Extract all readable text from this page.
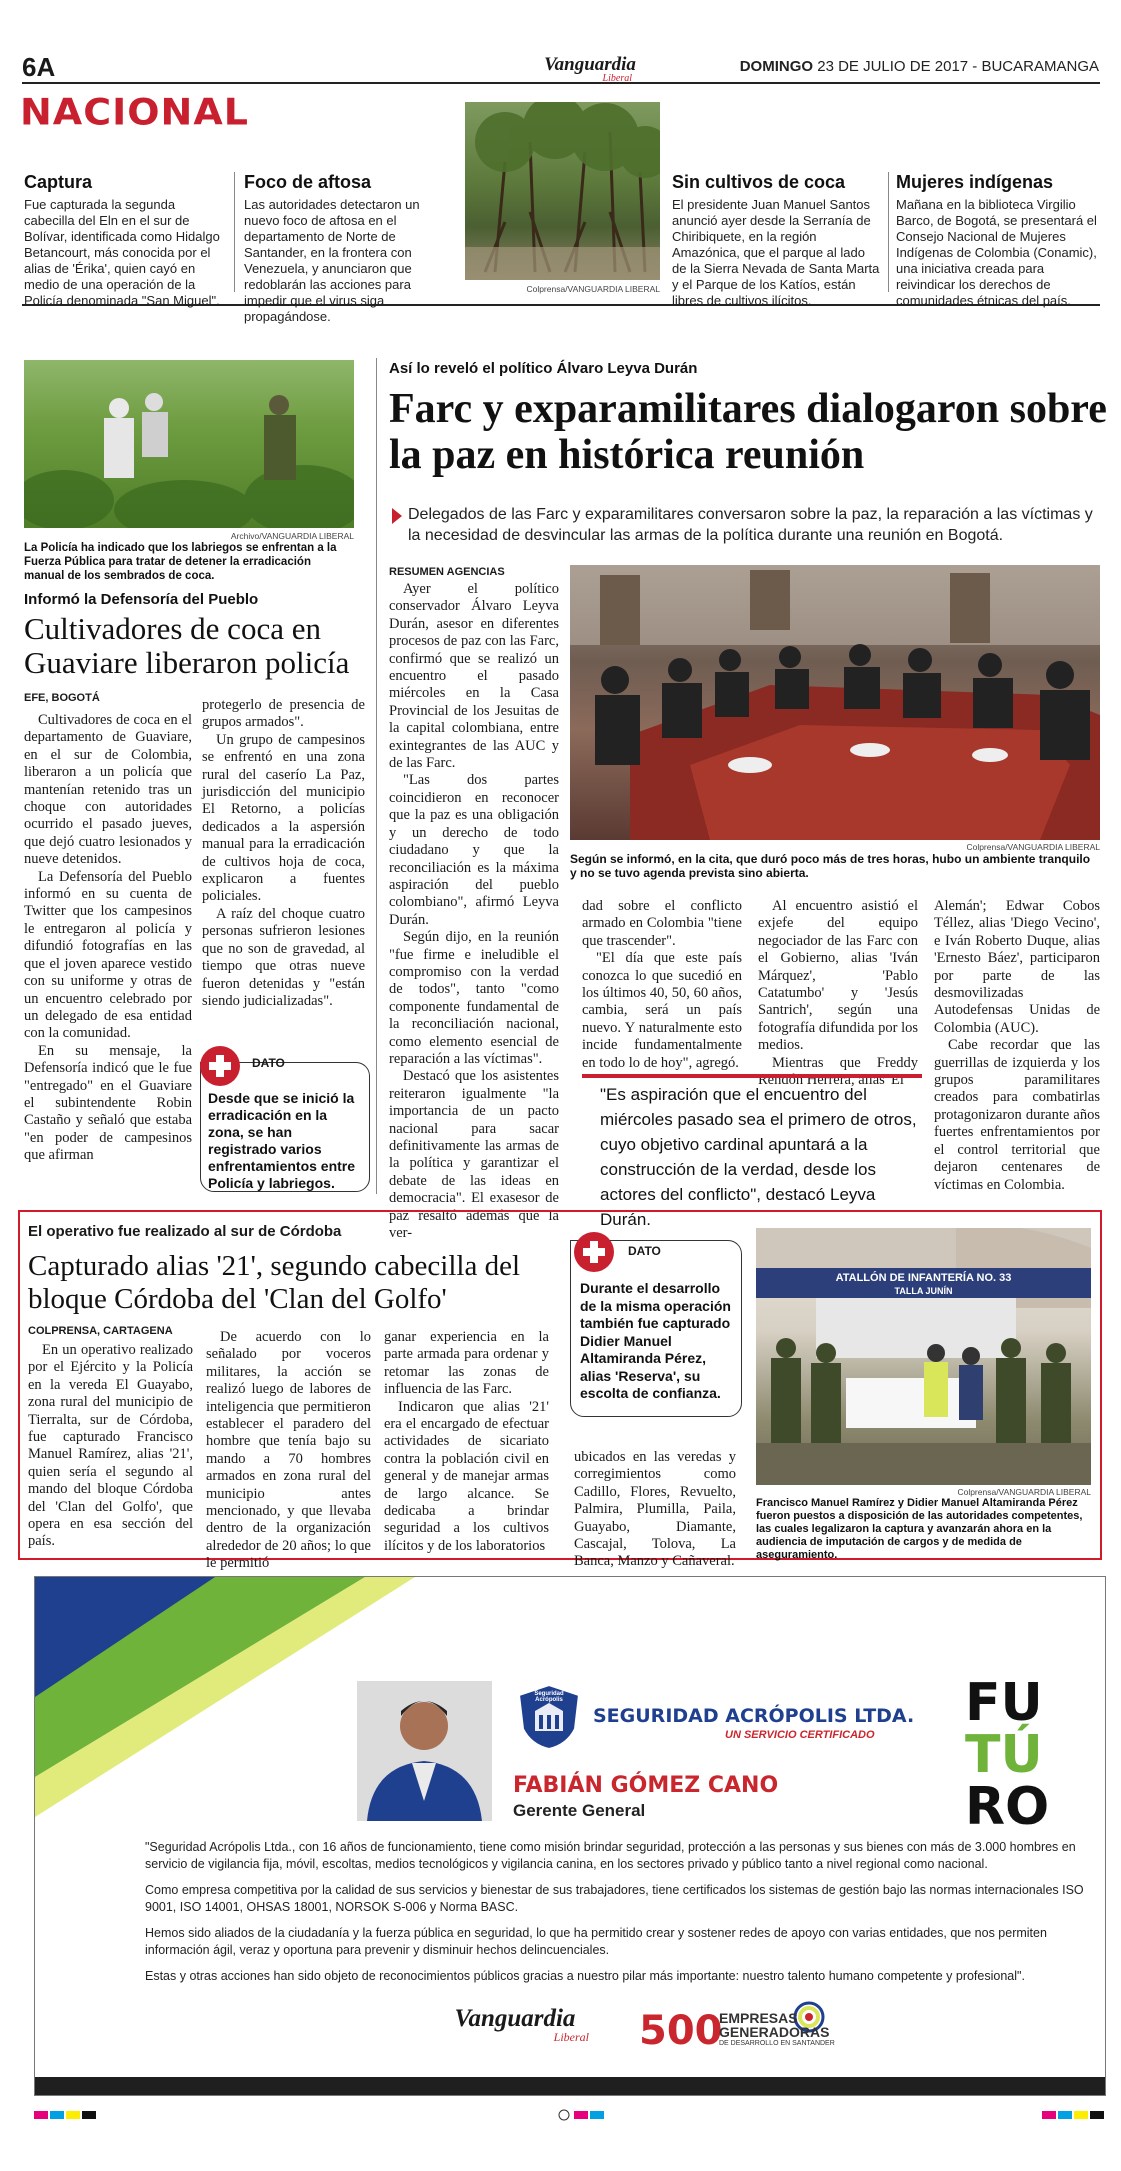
6A	Vanguardia
Liberal
DOMINGO 23 DE JULIO DE 2017 - BUCARAMANGA
NACIONAL
Captura
Fue capturada la segunda cabecilla del Eln en el sur de Bolívar, identificada como Hidalgo Betancourt, más conocida por el alias de 'Érika', quien cayó en medio de una operación de la Policía denominada "San Miguel".
Foco de aftosa
Las autoridades detectaron un nuevo foco de aftosa en el departamento de Norte de Santander, en la frontera con Venezuela, y anunciaron que redoblarán las acciones para impedir que el virus siga propagándose.
Colprensa/VANGUARDIA LIBERAL
Sin cultivos de coca
El presidente Juan Manuel Santos anunció ayer desde la Serranía de Chiribiquete, en la región Amazónica, que el parque al lado de la Sierra Nevada de Santa Marta y el Parque de los Katíos, están libres de cultivos ilícitos.
Mujeres indígenas
Mañana en la biblioteca Virgilio Barco, de Bogotá, se presentará el Consejo Nacional de Mujeres Indígenas de Colombia (Conamic), una iniciativa creada para reivindicar los derechos de comunidades étnicas del país.
Archivo/VANGUARDIA LIBERAL
La Policía ha indicado que los labriegos se enfrentan a la Fuerza Pública para tratar de detener la erradicación manual de los sembrados de coca.
Informó la Defensoría del Pueblo
Cultivadores de coca en Guaviare liberaron policía
EFE, BOGOTÁ

Cultivadores de coca en el departamento de Guaviare, en el sur de Colombia, liberaron a un policía que mantenían retenido tras un choque con autoridades ocurrido el pasado jueves, que dejó cuatro lesionados y nueve detenidos.

La Defensoría del Pueblo informó en su cuenta de Twitter que los campesinos le entregaron al policía y difundió fotografías en las que el joven aparece vestido con su uniforme y otras de un encuentro celebrado por un delegado de esa entidad con la comunidad.

En su mensaje, la Defensoría indicó que le fue "entregado" en el Guaviare el subintendente Robin Castaño y señaló que estaba "en poder de campesinos que afirman

protegerlo de presencia de grupos armados".

Un grupo de campesinos se enfrentó en una zona rural del caserío La Paz, jurisdicción del municipio El Retorno, a policías dedicados a la aspersión manual para la erradicación de cultivos hoja de coca, explicaron a fuentes policiales.

A raíz del choque cuatro personas sufrieron lesiones que no son de gravedad, al tiempo que otras nueve fueron detenidas y "están siendo judicializadas".

DATO
Desde que se inició la erradicación en la zona, se han registrado varios enfrentamientos entre Policía y labriegos.
Así lo reveló el político Álvaro Leyva Durán
Farc y exparamilitares dialogaron sobre la paz en histórica reunión
Delegados de las Farc y exparamilitares conversaron sobre la paz, la reparación a las víctimas y la necesidad de desvincular las armas de la política durante una reunión en Bogotá.
RESUMEN AGENCIAS

Ayer el político conservador Álvaro Leyva Durán, asesor en diferentes procesos de paz con las Farc, confirmó que se realizó un encuentro el pasado miércoles en la Casa Provincial de los Jesuitas de la capital colombiana, entre exintegrantes de las AUC y de las Farc.

"Las dos partes coincidieron en reconocer que la paz es una obligación y un derecho de todo ciudadano y que la reconciliación es la máxima aspiración del pueblo colombiano", afirmó Leyva Durán.

Según dijo, en la reunión "fue firme e ineludible el compromiso con la verdad de todos", tanto "como componente fundamental de la reconciliación nacional, como elemento esencial de reparación a las víctimas".

Destacó que los asistentes reiteraron igualmente "la importancia de un pacto nacional para sacar definitivamente las armas de la política y garantizar el debate de las ideas en democracia". El exasesor de paz resaltó además que la ver-

Colprensa/VANGUARDIA LIBERAL
Según se informó, en la cita, que duró poco más de tres horas, hubo un ambiente tranquilo y no se tuvo agenda prevista sino abierta.

dad sobre el conflicto armado en Colombia "tiene que trascender".

"El día que este país conozca lo que sucedió en los últimos 40, 50, 60 años, cambia, será un país nuevo. Y naturalmente esto incide fundamentalmente en todo lo de hoy", agregó.

Al encuentro asistió el exjefe del equipo negociador de las Farc con el Gobierno, alias 'Iván Márquez', 'Pablo Catatumbo' y 'Jesús Santrich', según una fotografía difundida por los medios.

Mientras que Freddy Rendón Herrera, alias 'El

Alemán'; Edwar Cobos Téllez, alias 'Diego Vecino', e Iván Roberto Duque, alias 'Ernesto Báez', participaron por parte de las desmovilizadas Autodefensas Unidas de Colombia (AUC).

Cabe recordar que las guerrillas de izquierda y los grupos paramilitares creados para combatirlas protagonizaron durante años fuertes enfrentamientos por el control territorial que dejaron centenares de víctimas en Colombia.

"Es aspiración que el encuentro del miércoles pasado sea el primero de otros, cuyo objetivo cardinal apuntará a la construcción de la verdad, desde los actores del conflicto", destacó Leyva Durán.
El operativo fue realizado al sur de Córdoba
Capturado alias '21', segundo cabecilla del bloque Córdoba del 'Clan del Golfo'
COLPRENSA, CARTAGENA

En un operativo realizado por el Ejército y la Policía en la vereda El Guayabo, zona rural del municipio de Tierralta, sur de Córdoba, fue capturado Francisco Manuel Ramírez, alias '21', quien sería el segundo al mando del bloque Córdoba del 'Clan del Golfo', que opera en esa sección del país.

De acuerdo con lo señalado por voceros militares, la acción se realizó luego de labores de inteligencia que permitieron establecer el paradero del hombre que tenía bajo su mando a 70 hombres armados en zona rural del municipio antes mencionado, y que llevaba dentro de la organización alrededor de 20 años; lo que le permitió

ganar experiencia en la parte armada para ordenar y retomar las zonas de influencia de las Farc.

Indicaron que alias '21' era el encargado de efectuar actividades de sicariato contra la población civil en general y de manejar armas de largo alcance. Se dedicaba a brindar seguridad a los cultivos ilícitos y de los laboratorios

ubicados en las veredas y corregimientos como Cadillo, Flores, Revuelto, Palmira, Plumilla, Paila, Guayabo, Diamante, Cascajal, Tolova, La Banca, Manzo y Cañaveral.

DATO
Durante el desarrollo de la misma operación también fue capturado Didier Manuel Altamiranda Pérez, alias 'Reserva', su escolta de confianza.
ATALLÓN DE INFANTERÍA NO. 33
TALLA JUNÍN
Colprensa/VANGUARDIA LIBERAL
Francisco Manuel Ramírez y Didier Manuel Altamiranda Pérez fueron puestos a disposición de las autoridades competentes, las cuales legalizaron la captura y avanzarán ahora en la audiencia de imputación de cargos y de medida de aseguramiento.
Seguridad Acrópolis
SEGURIDAD ACRÓPOLIS LTDA.
UN SERVICIO CERTIFICADO
FABIÁN GÓMEZ CANO
Gerente General
FU
TÚ
RO

"Seguridad Acrópolis Ltda., con 16 años de funcionamiento, tiene como misión brindar seguridad, protección a las personas y sus bienes con más de 3.000 hombres en servicio de vigilancia fija, móvil, escoltas, medios tecnológicos y vigilancia canina, en los sectores privado y público tanto a nivel regional como nacional.

Como empresa competitiva por la calidad de sus servicios y bienestar de sus trabajadores, tiene certificados los sistemas de gestión bajo las normas internacionales ISO 9001, ISO 14001, OHSAS 18001, NORSOK S-006 y Norma BASC.

Hemos sido aliados de la ciudadanía y la fuerza pública en seguridad, lo que ha permitido crear y sostener redes de apoyo con varias entidades, que nos permiten información ágil, veraz y oportuna para prevenir y disminuir hechos delincuenciales.

Estas y otras acciones han sido objeto de reconocimientos públicos gracias a nuestro pilar más importante: nuestro talento humano competente y profesional".

Vanguardia
Liberal	500
EMPRESAS
GENERADORAS
DE DESARROLLO EN SANTANDER
